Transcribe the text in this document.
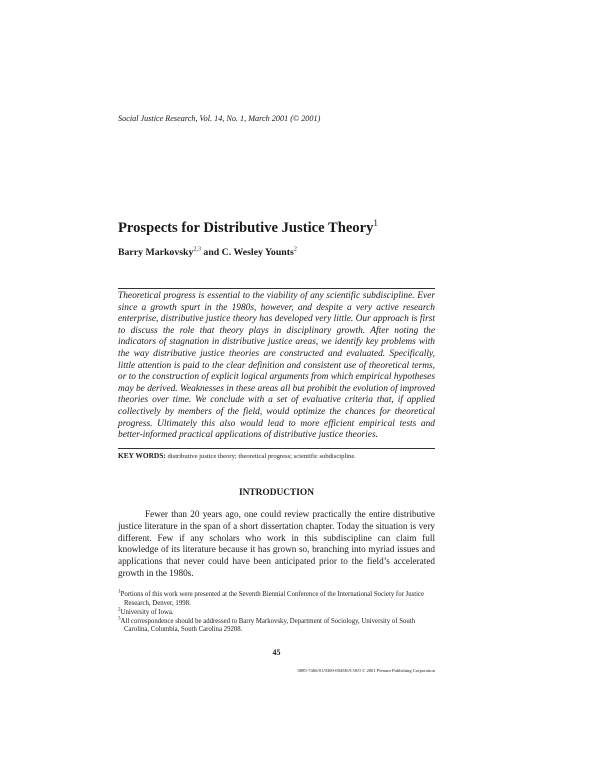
Social Justice Research, Vol. 14, No. 1, March 2001 (© 2001)
Prospects for Distributive Justice Theory$^1$
Barry Markovsky$^{2,3}$ and C. Wesley Younts$^2$

Theoretical progress is essential to the viability of any scientific subdiscipline. Ever since a growth spurt in the 1980s, however, and despite a very active research enterprise, distributive justice theory has developed very little. Our approach is first to discuss the role that theory plays in disciplinary growth. After noting the indicators of stagnation in distributive justice areas, we identify key problems with the way distributive justice theories are constructed and evaluated. Specifically, little attention is paid to the clear definition and consistent use of theoretical terms, or to the construction of explicit logical arguments from which empirical hypotheses may be derived. Weaknesses in these areas all but prohibit the evolution of improved theories over time. We conclude with a set of evaluative criteria that, if applied collectively by members of the field, would optimize the chances for theoretical progress. Ultimately this also would lead to more efficient empirical tests and better-informed practical applications of distributive justice theories.

KEY WORDS: distributive justice theory; theoretical progress; scientific subdiscipline.
INTRODUCTION

Fewer than 20 years ago, one could review practically the entire distributive justice literature in the span of a short dissertation chapter. Today the situation is very different. Few if any scholars who work in this subdiscipline can claim full knowledge of its literature because it has grown so, branching into myriad issues and applications that never could have been anticipated prior to the field’s accelerated growth in the 1980s.

$^1$Portions of this work were presented at the Seventh Biennial Conference of the International Society for Justice Research, Denver, 1998.

$^2$University of Iowa.

$^3$All correspondence should be addressed to Barry Markovsky, Department of Sociology, University of South Carolina, Columbia, South Carolina 29208.

45
0885-7466/01/0300-0045$19.50/0 © 2001 Plenum Publishing Corporation
